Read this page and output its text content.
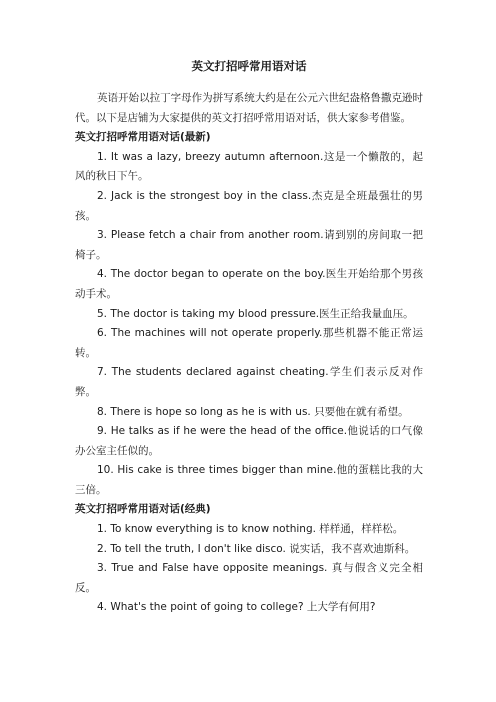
英文打招呼常用语对话

英语开始以拉丁字母作为拼写系统大约是在公元六世纪盎格鲁撒克逊时代。以下是店铺为大家提供的英文打招呼常用语对话，供大家参考借鉴。

英文打招呼常用语对话(最新)

1. It was a lazy, breezy autumn afternoon.这是一个懒散的，起风的秋日下午。
2. Jack is the strongest boy in the class.杰克是全班最强壮的男孩。
3. Please fetch a chair from another room.请到别的房间取一把椅子。
4. The doctor began to operate on the boy.医生开始给那个男孩动手术。
5. The doctor is taking my blood pressure.医生正给我量血压。
6. The machines will not operate properly.那些机器不能正常运转。
7. The students declared against cheating.学生们表示反对作弊。
8. There is hope so long as he is with us. 只要他在就有希望。
9. He talks as if he were the head of the office.他说话的口气像办公室主任似的。
10. His cake is three times bigger than mine.他的蛋糕比我的大三倍。

英文打招呼常用语对话(经典)

1. To know everything is to know nothing. 样样通，样样松。
2. To tell the truth, I don't like disco. 说实话，我不喜欢迪斯科。
3. True and False have opposite meanings. 真与假含义完全相反。
4. What's the point of going to college? 上大学有何用?
